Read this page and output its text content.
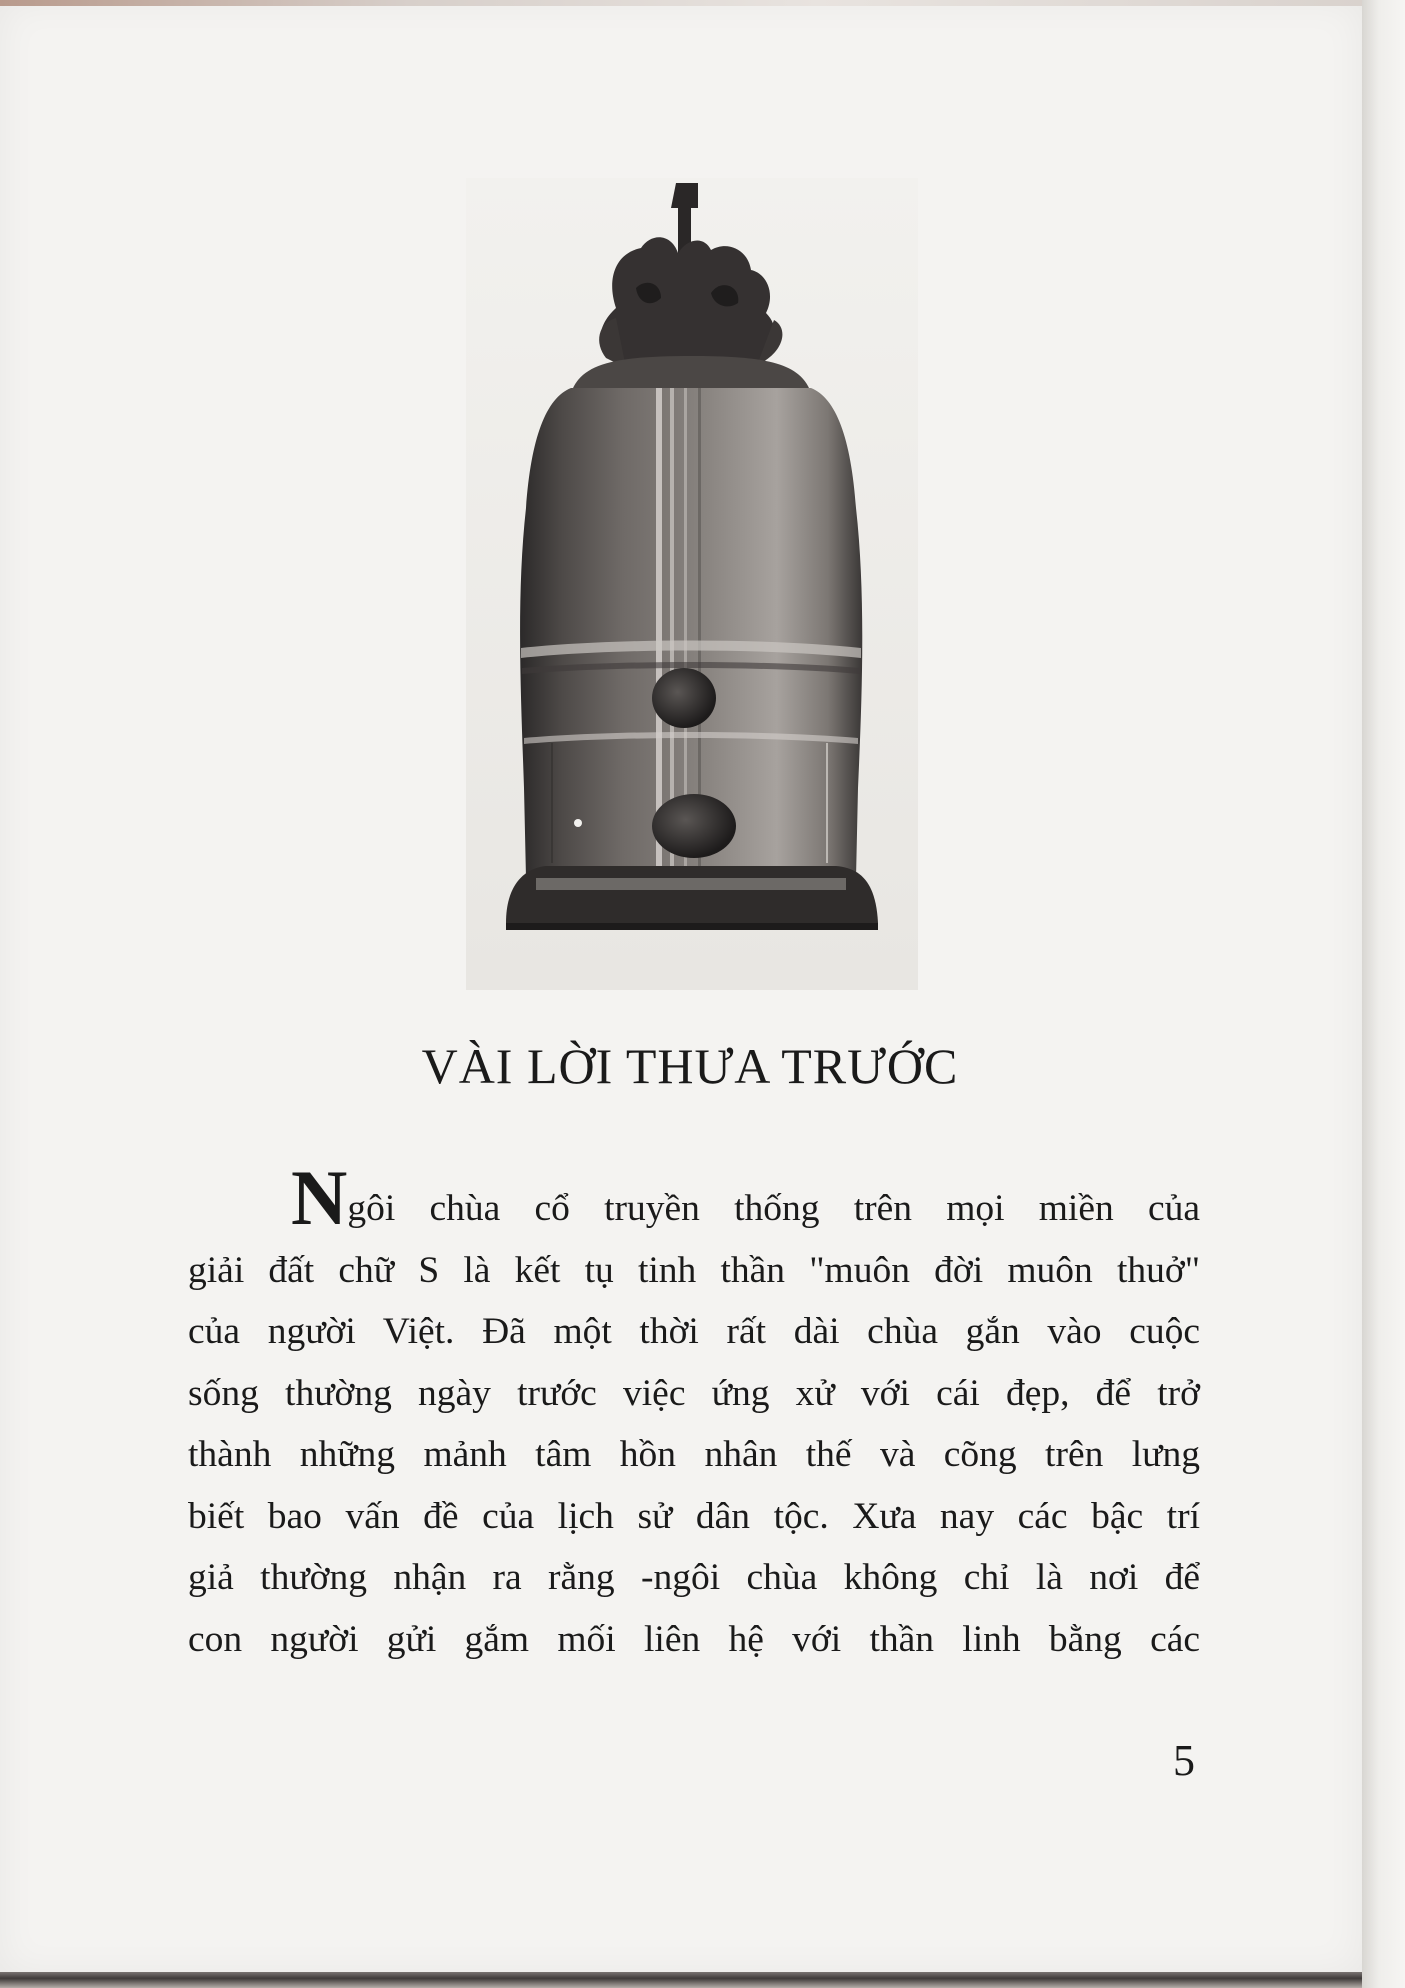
VÀI LỜI THƯA TRƯỚC
Ngôi chùa cổ truyền thống trên mọi miền của
giải đất chữ S là kết tụ tinh thần "muôn đời muôn thuở"
của người Việt. Đã một thời rất dài chùa gắn vào cuộc
sống thường ngày trước việc ứng xử với cái đẹp, để trở
thành những mảnh tâm hồn nhân thế và cõng trên lưng
biết bao vấn đề của lịch sử dân tộc. Xưa nay các bậc trí
giả thường nhận ra rằng -ngôi chùa không chỉ là nơi để
con người gửi gắm mối liên hệ với thần linh bằng các
5
